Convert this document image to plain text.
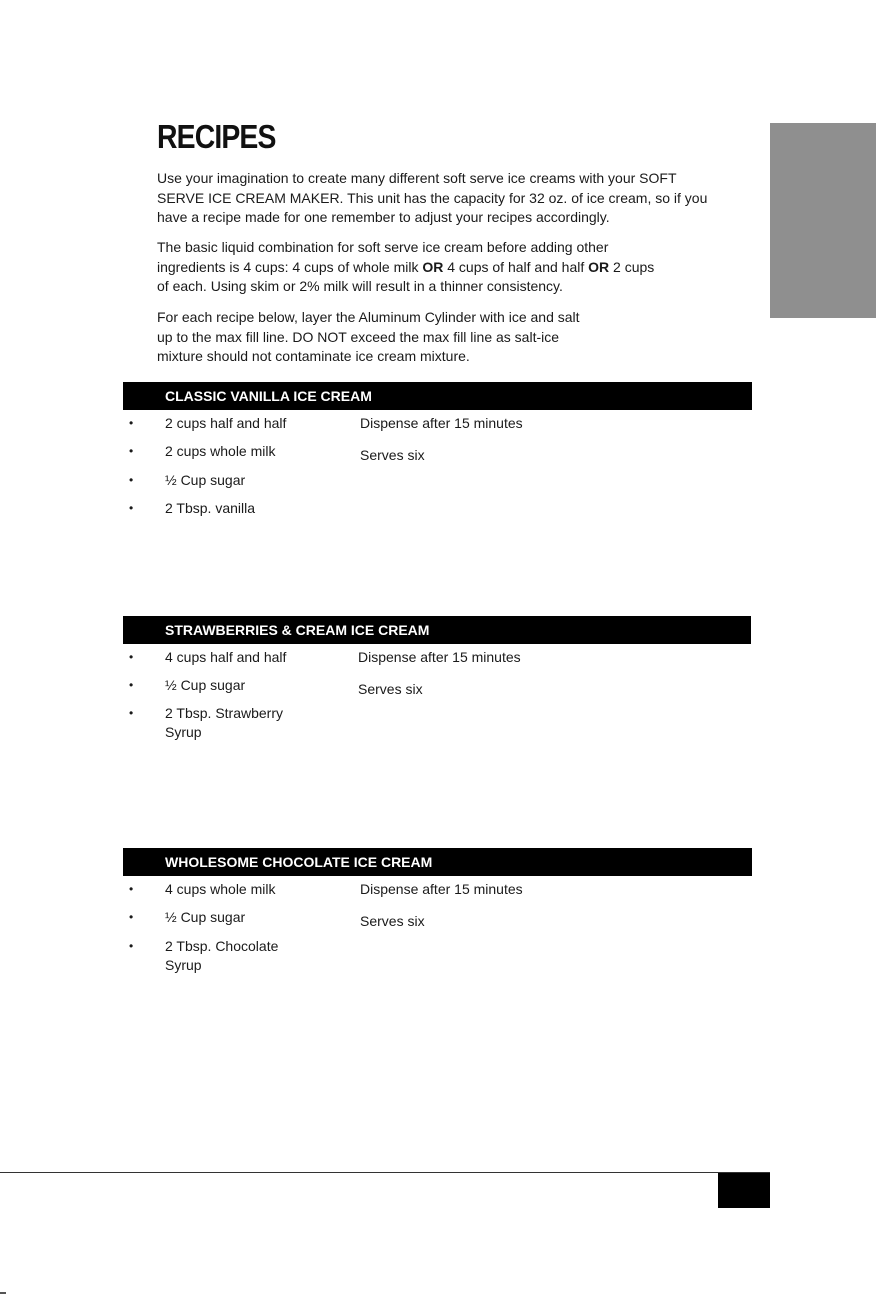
RECIPES

Use your imagination to create many different soft serve ice creams with your SOFT SERVE ICE CREAM MAKER. This unit has the capacity for 32 oz. of ice cream, so if you have a recipe made for one remember to adjust your recipes accordingly.

The basic liquid combination for soft serve ice cream before adding other ingredients is 4 cups: 4 cups of whole milk OR 4 cups of half and half OR 2 cups of each. Using skim or 2% milk will result in a thinner consistency.

For each recipe below, layer the Aluminum Cylinder with ice and salt up to the max fill line. DO NOT exceed the max fill line as salt-ice mixture should not contaminate ice cream mixture.

CLASSIC VANILLA ICE CREAM
• 2 cups half and half
• 2 cups whole milk
• ½ Cup sugar
• 2 Tbsp. vanilla
Dispense after 15 minutes
Serves six
STRAWBERRIES & CREAM ICE CREAM
• 4 cups half and half
• ½ Cup sugar
• 2 Tbsp. Strawberry Syrup
Dispense after 15 minutes
Serves six
WHOLESOME CHOCOLATE ICE CREAM
• 4 cups whole milk
• ½ Cup sugar
• 2 Tbsp. Chocolate Syrup
Dispense after 15 minutes
Serves six
